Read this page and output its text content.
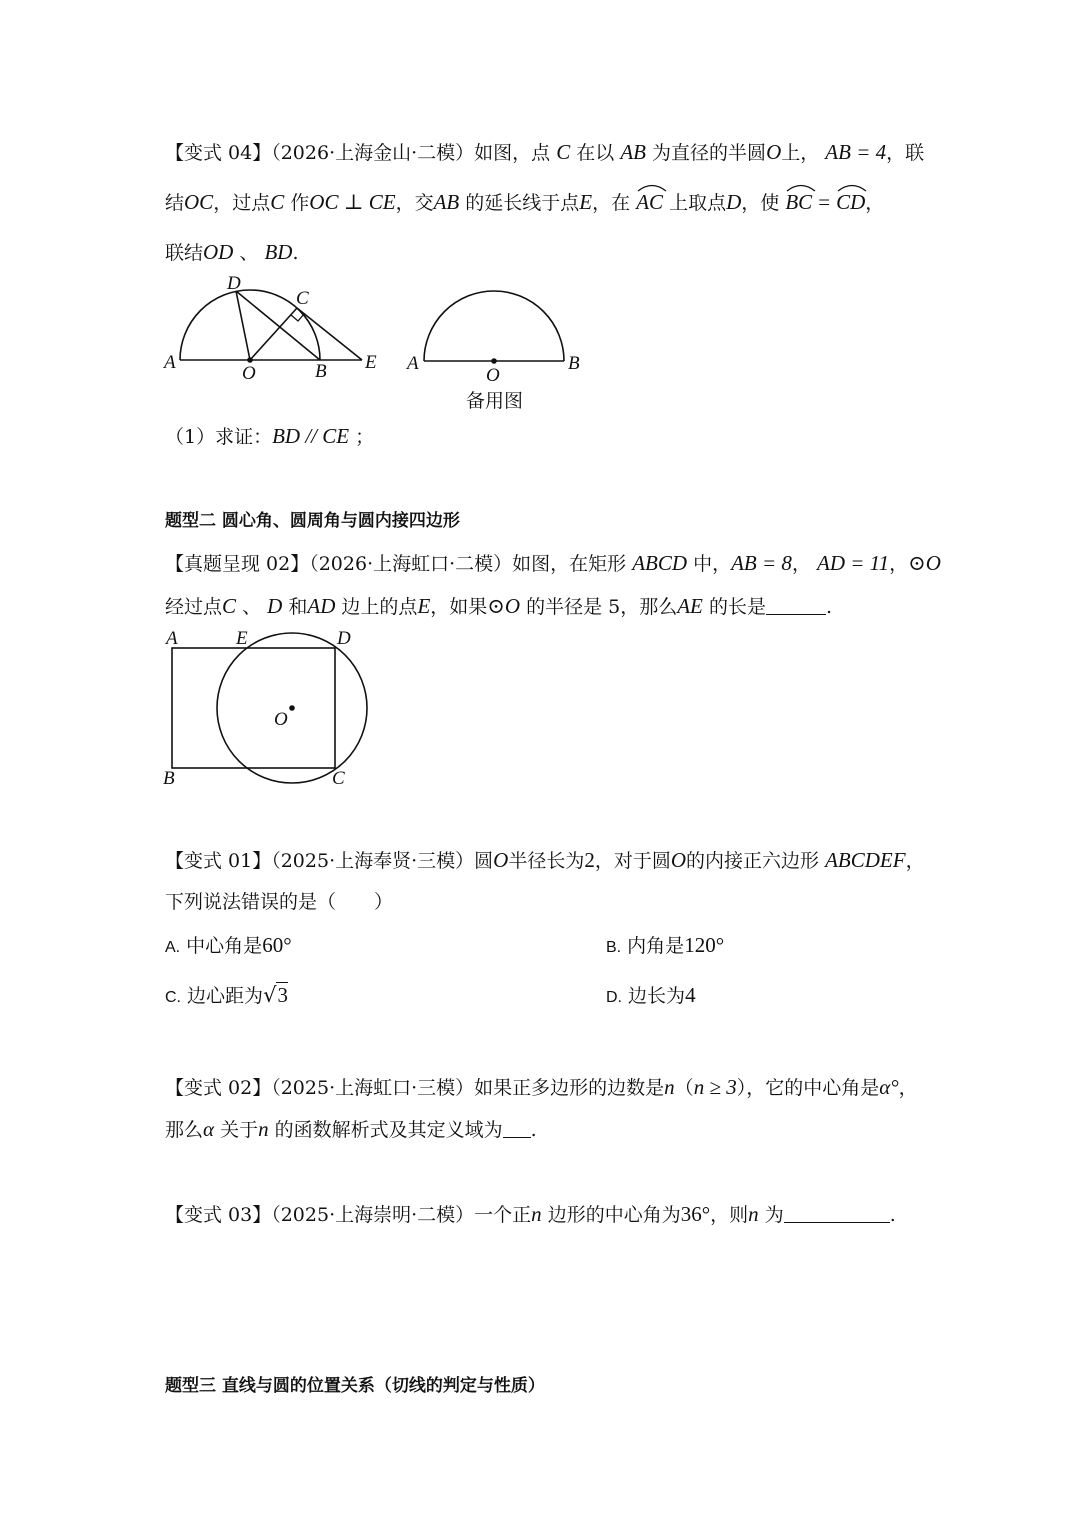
【变式 04】（2026·上海金山·二模）如图，点 C 在以 AB 为直径的半圆O上， AB = 4，联
结OC，过点C 作OC ⊥ CE，交AB 的延长线于点E，在 AC 上取点D，使 BC = CD，
联结OD 、 BD.
A
D
C
O	B E A
O
B
备用图
（1）求证：BD // CE ；
题型二 圆心角、圆周角与圆内接四边形
【真题呈现 02】（2026·上海虹口·二模）如图，在矩形 ABCD 中，AB = 8， AD = 11，⊙O
经过点C 、 D 和AD 边上的点E，如果⊙O 的半径是 5，那么AE 的长是	.
A	E	D
O
B	C
【变式 01】（2025·上海奉贤·三模）圆O半径长为2，对于圆O的内接正六边形 ABCDEF，
下列说法错误的是（　　）
A. 中心角是60°	B. 内角是120°
C. 边心距为√3	D. 边长为4
【变式 02】（2025·上海虹口·三模）如果正多边形的边数是n（n ≥ 3），它的中心角是α°，
那么α 关于n 的函数解析式及其定义域为 .
【变式 03】（2025·上海崇明·二模）一个正n 边形的中心角为36°，则n 为	.
题型三 直线与圆的位置关系（切线的判定与性质）
